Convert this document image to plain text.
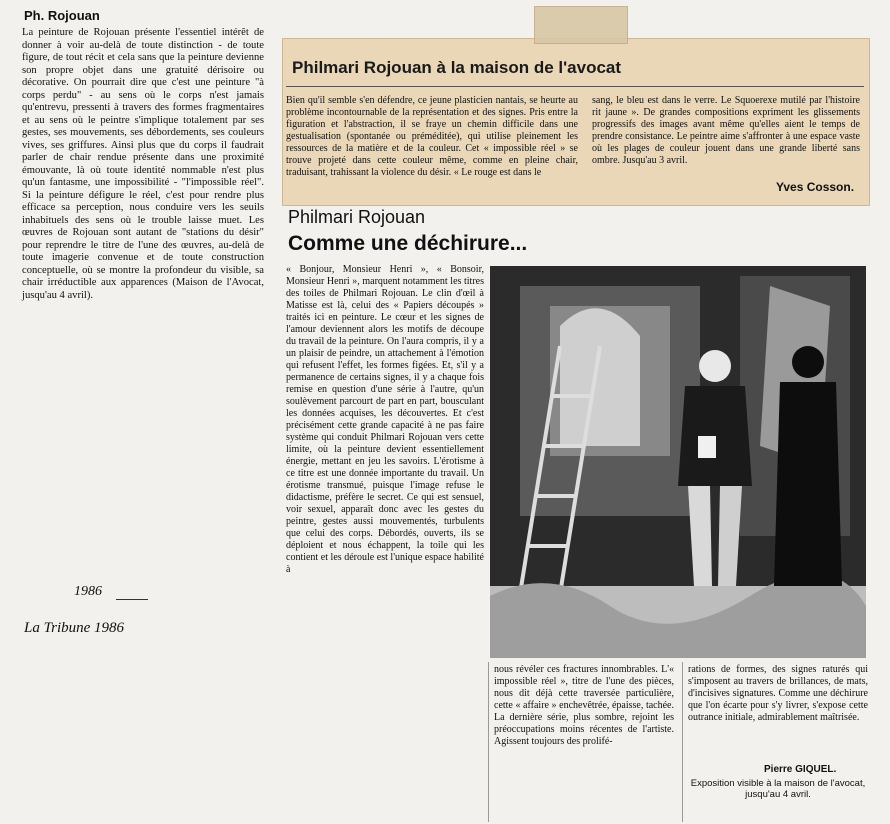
Ph. Rojouan

La peinture de Rojouan présente l'essentiel intérêt de donner à voir au-delà de toute distinction - de toute figure, de tout récit et cela sans que la peinture devienne son propre objet dans une gratuité dérisoire ou décorative. On pourrait dire que c'est une peinture "à corps perdu" - au sens où le corps n'est jamais qu'entrevu, pressenti à travers des formes fragmentaires et au sens où le peintre s'implique totalement par ses gestes, ses mouvements, ses débordements, ses couleurs vives, ses griffures. Ainsi plus que du corps il faudrait parler de chair rendue présente dans une proximité émouvante, là où toute identité nommable n'est plus qu'un fantasme, une impossibilité - "l'impossible réel". Si la peinture défigure le réel, c'est pour rendre plus efficace sa perception, nous conduire vers les seuils inhabituels des sens où le trouble laisse muet. Les œuvres de Rojouan sont autant de "stations du désir" pour reprendre le titre de l'une des œuvres, au-delà de toute imagerie convenue et de toute construction conceptuelle, où se montre la profondeur du visible, sa chair irréductible aux apparences (Maison de l'Avocat, jusqu'au 4 avril).

1986
La Tribune 1986
Philmari Rojouan à la maison de l'avocat

Bien qu'il semble s'en défendre, ce jeune plasticien nantais, se heurte au problème incontournable de la représentation et des signes. Pris entre la figuration et l'abstraction, il se fraye un chemin difficile dans une gestualisation (spontanée ou préméditée), qui utilise pleinement les ressources de la matière et de la couleur. Cet « impossible réel » se trouve projeté dans cette couleur même, comme en pleine chair, traduisant, trahissant la violence du désir. « Le rouge est dans le

sang, le bleu est dans le verre. Le Squoerexe mutilé par l'histoire rit jaune ». De grandes compositions expriment les glissements progressifs des images avant même qu'elles aient le temps de prendre consistance. Le peintre aime s'affronter à une espace vaste où les plages de couleur jouent dans une grande liberté sans ombre. Jusqu'au 3 avril.

Yves Cosson.
Philmari Rojouan
Comme une déchirure...

« Bonjour, Monsieur Henri », « Bonsoir, Monsieur Henri », marquent notamment les titres des toiles de Philmari Rojouan. Le clin d'œil à Matisse est là, celui des « Papiers découpés » traités ici en peinture. Le cœur et les signes de l'amour deviennent alors les motifs de découpe du travail de la peinture. On l'aura compris, il y a un plaisir de peindre, un attachement à l'émotion qui refusent l'effet, les formes figées. Et, s'il y a permanence de certains signes, il y a chaque fois remise en question d'une série à l'autre, qu'un soulèvement parcourt de part en part, bousculant les données acquises, les découvertes. Et c'est précisément cette grande capacité à ne pas faire système qui conduit Philmari Rojouan vers cette limite, où la peinture devient essentiellement énergie, mettant en jeu les savoirs. L'érotisme à ce titre est une donnée importante du travail. Un érotisme transmué, puisque l'image refuse le didactisme, préfère le secret. Ce qui est sensuel, voir sexuel, apparaît donc avec les gestes du peintre, gestes aussi mouvementés, turbulents que celui des corps. Débordés, ouverts, ils se déploient et nous échappent, la toile qui les contient et les déroule est l'unique espace habilité à

nous révéler ces fractures innombrables. L'« impossible réel », titre de l'une des pièces, nous dit déjà cette traversée particulière, cette « affaire » enchevêtrée, épaisse, tachée. La dernière série, plus sombre, rejoint les préoccupations moins récentes de l'artiste. Agissent toujours des prolifé-

rations de formes, des signes raturés qui s'imposent au travers de brillances, de mats, d'incisives signatures. Comme une déchirure que l'on écarte pour s'y livrer, s'expose cette outrance initiale, admirablement maîtrisée.

Pierre GIQUEL.
Exposition visible à la maison de l'avocat, jusqu'au 4 avril.
